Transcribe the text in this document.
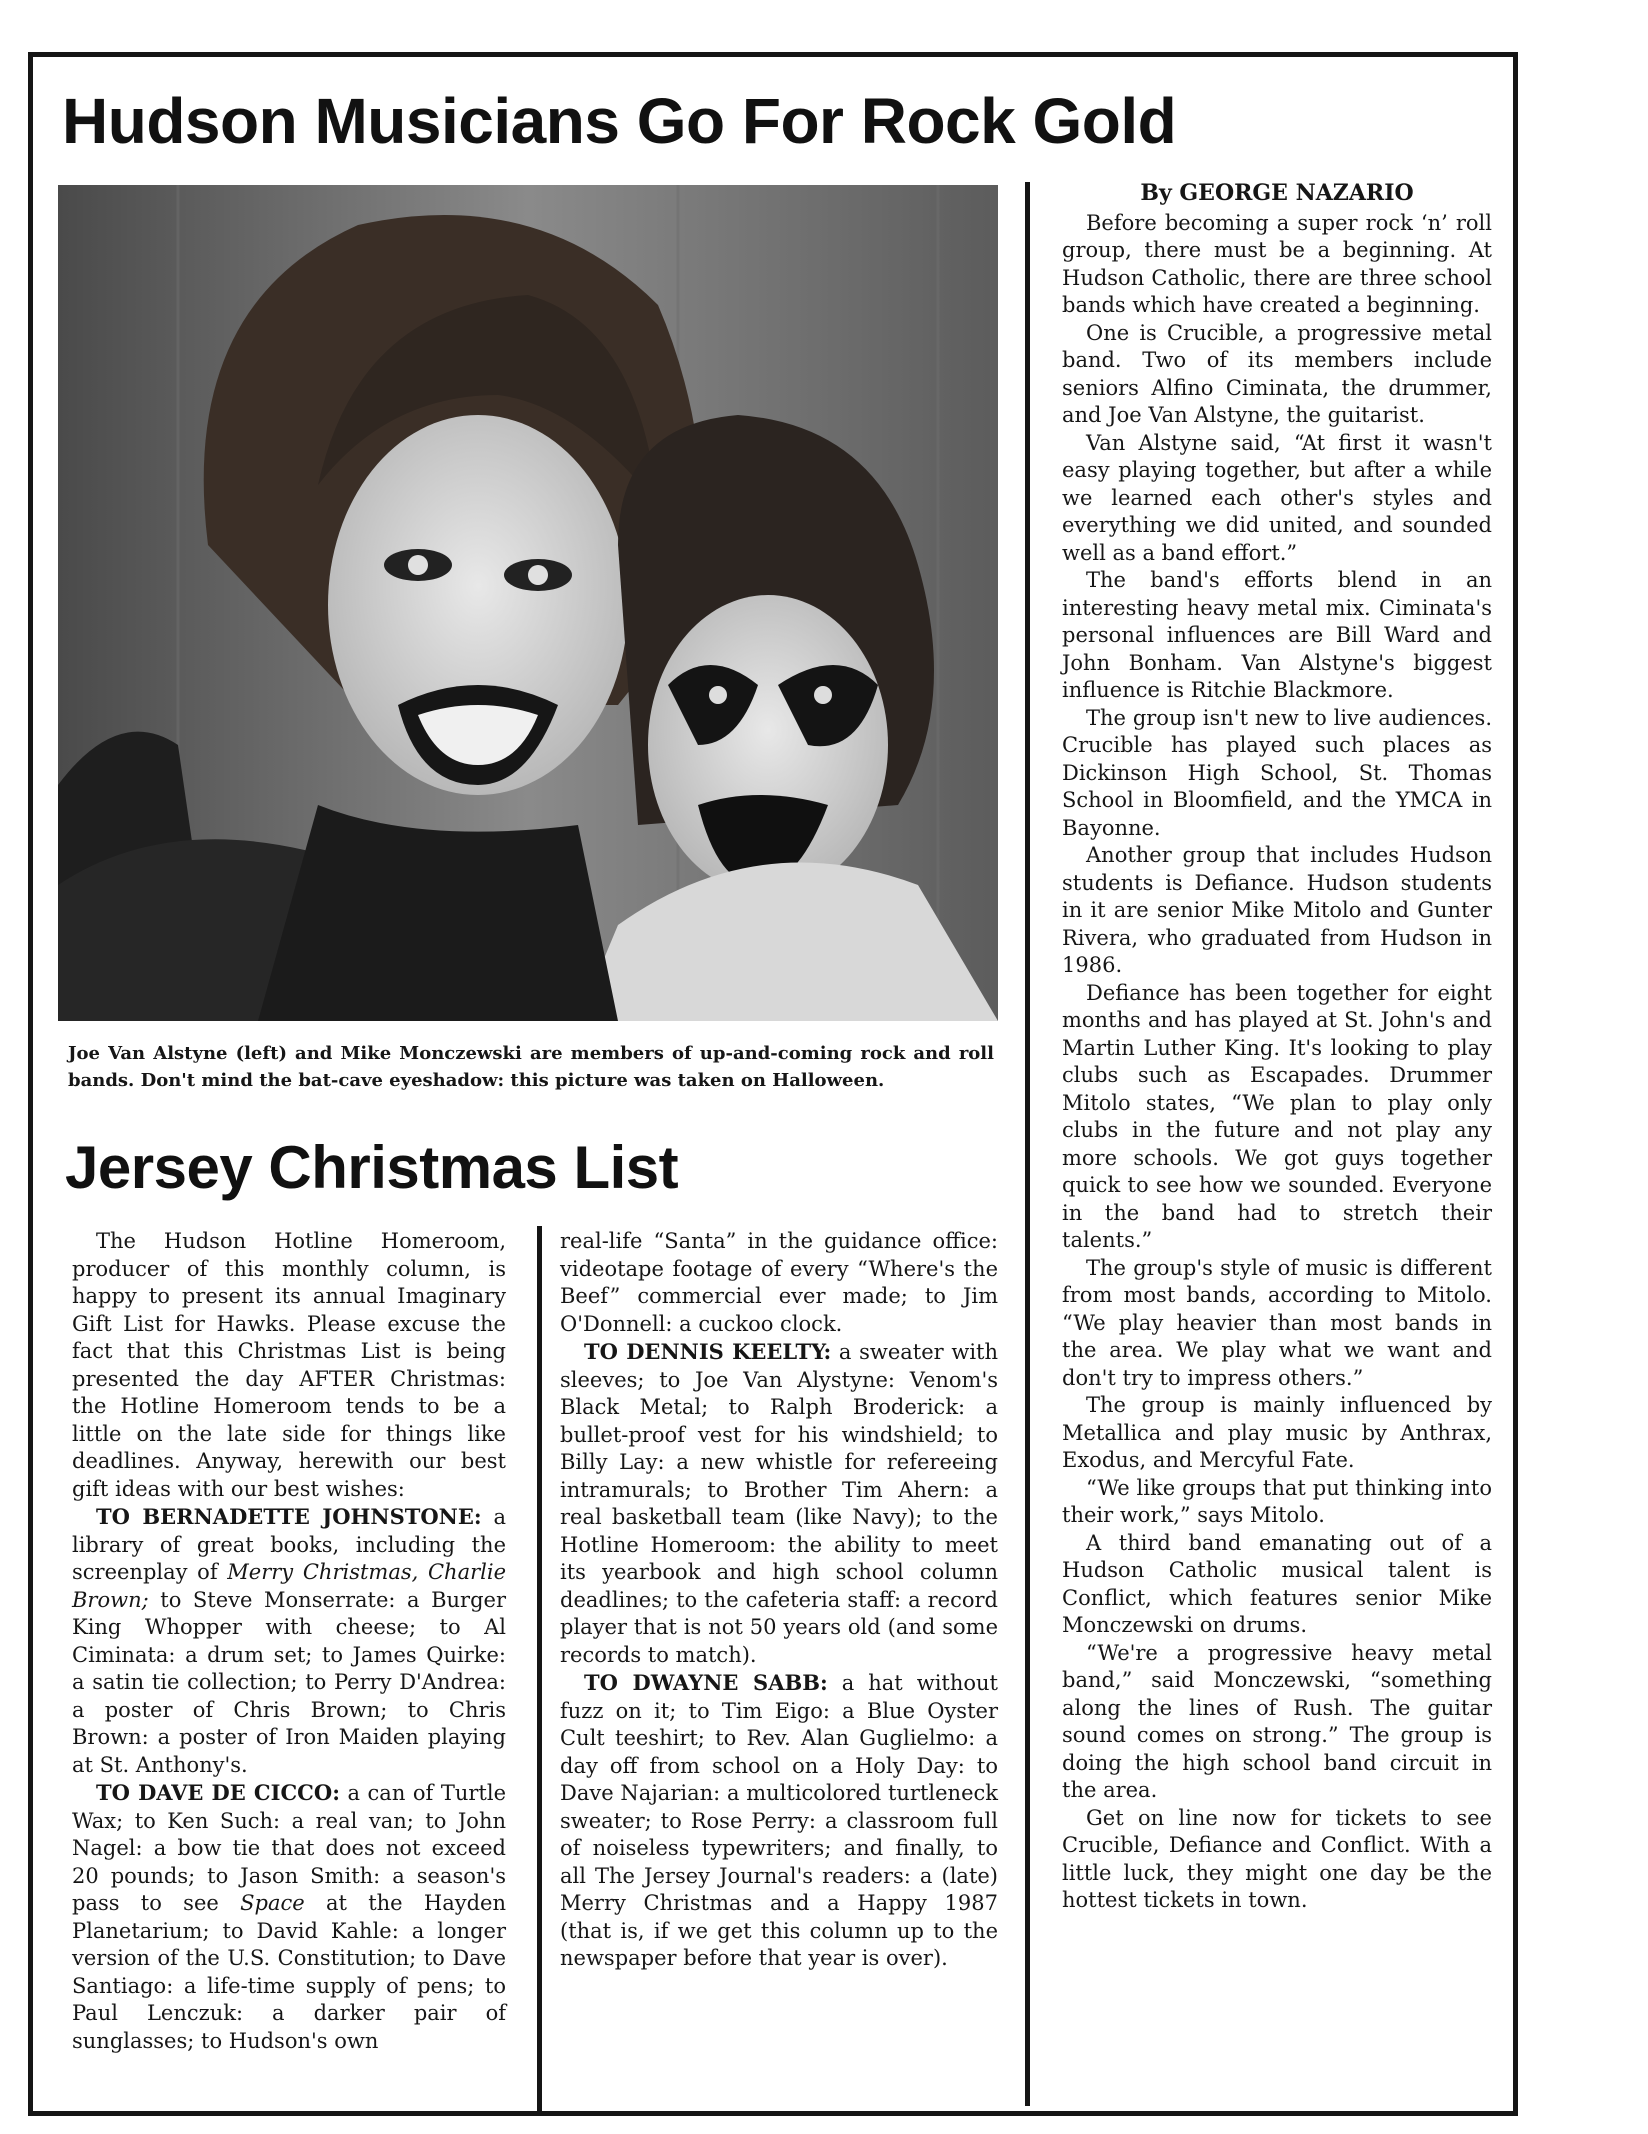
Hudson Musicians Go For Rock Gold

Joe Van Alstyne (left) and Mike Monczewski are members of up-and-coming rock and roll bands. Don't mind the bat-cave eyeshadow: this picture was taken on Halloween.

Jersey Christmas List

The Hudson Hotline Homeroom, producer of this monthly column, is happy to present its annual Imaginary Gift List for Hawks. Please excuse the fact that this Christmas List is being presented the day AFTER Christmas: the Hotline Homeroom tends to be a little on the late side for things like deadlines. Anyway, herewith our best gift ideas with our best wishes:

TO BERNADETTE JOHNSTONE: a library of great books, including the screenplay of Merry Christmas, Charlie Brown; to Steve Monserrate: a Burger King Whopper with cheese; to Al Ciminata: a drum set; to James Quirke: a satin tie collection; to Perry D'Andrea: a poster of Chris Brown; to Chris Brown: a poster of Iron Maiden playing at St. Anthony's.

TO DAVE DE CICCO: a can of Turtle Wax; to Ken Such: a real van; to John Nagel: a bow tie that does not exceed 20 pounds; to Jason Smith: a season's pass to see Space at the Hayden Planetarium; to David Kahle: a longer version of the U.S. Constitution; to Dave Santiago: a life-time supply of pens; to Paul Lenczuk: a darker pair of sunglasses; to Hudson's own

real-life “Santa” in the guidance office: videotape footage of every “Where's the Beef” commercial ever made; to Jim O'Donnell: a cuckoo clock.

TO DENNIS KEELTY: a sweater with sleeves; to Joe Van Alystyne: Venom's Black Metal; to Ralph Broderick: a bullet-proof vest for his windshield; to Billy Lay: a new whistle for refereeing intramurals; to Brother Tim Ahern: a real basketball team (like Navy); to the Hotline Homeroom: the ability to meet its yearbook and high school column deadlines; to the cafeteria staff: a record player that is not 50 years old (and some records to match).

TO DWAYNE SABB: a hat without fuzz on it; to Tim Eigo: a Blue Oyster Cult teeshirt; to Rev. Alan Guglielmo: a day off from school on a Holy Day: to Dave Najarian: a multicolored turtleneck sweater; to Rose Perry: a classroom full of noiseless typewriters; and finally, to all The Jersey Journal's readers: a (late) Merry Christmas and a Happy 1987 (that is, if we get this column up to the newspaper before that year is over).

By GEORGE NAZARIO

Before becoming a super rock ‘n’ roll group, there must be a beginning. At Hudson Catholic, there are three school bands which have created a beginning.

One is Crucible, a progressive metal band. Two of its members include seniors Alfino Ciminata, the drummer, and Joe Van Alstyne, the guitarist.

Van Alstyne said, “At first it wasn't easy playing together, but after a while we learned each other's styles and everything we did united, and sounded well as a band effort.”

The band's efforts blend in an interesting heavy metal mix. Ciminata's personal influences are Bill Ward and John Bonham. Van Alstyne's biggest influence is Ritchie Blackmore.

The group isn't new to live audiences. Crucible has played such places as Dickinson High School, St. Thomas School in Bloomfield, and the YMCA in Bayonne.

Another group that includes Hudson students is Defiance. Hudson students in it are senior Mike Mitolo and Gunter Rivera, who graduated from Hudson in 1986.

Defiance has been together for eight months and has played at St. John's and Martin Luther King. It's looking to play clubs such as Escapades. Drummer Mitolo states, “We plan to play only clubs in the future and not play any more schools. We got guys together quick to see how we sounded. Everyone in the band had to stretch their talents.”

The group's style of music is different from most bands, according to Mitolo. “We play heavier than most bands in the area. We play what we want and don't try to impress others.”

The group is mainly influenced by Metallica and play music by Anthrax, Exodus, and Mercyful Fate.

“We like groups that put thinking into their work,” says Mitolo.

A third band emanating out of a Hudson Catholic musical talent is Conflict, which features senior Mike Monczewski on drums.

“We're a progressive heavy metal band,” said Monczewski, “something along the lines of Rush. The guitar sound comes on strong.” The group is doing the high school band circuit in the area.

Get on line now for tickets to see Crucible, Defiance and Conflict. With a little luck, they might one day be the hottest tickets in town.
